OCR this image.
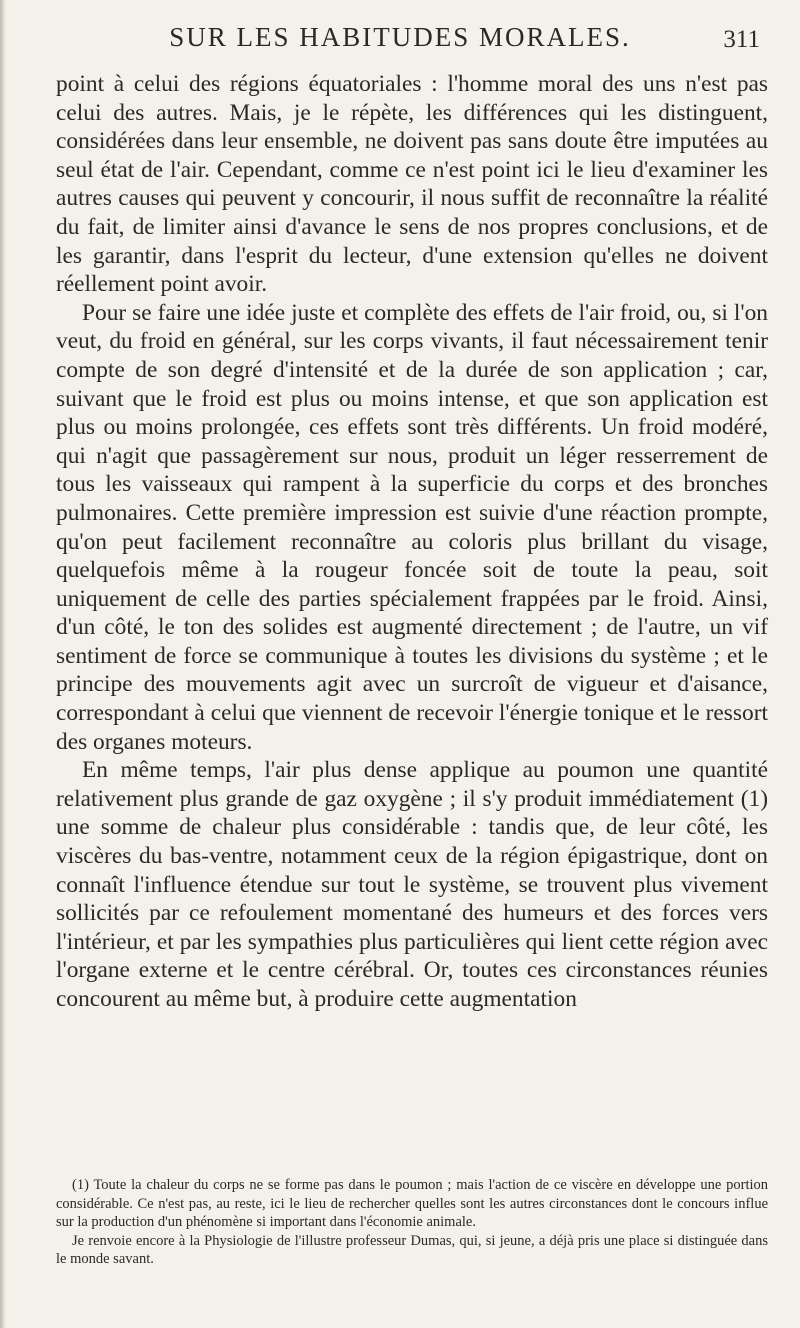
SUR LES HABITUDES MORALES.	311

point à celui des régions équatoriales : l'homme moral des uns n'est pas celui des autres. Mais, je le répète, les différences qui les distinguent, considérées dans leur ensemble, ne doivent pas sans doute être imputées au seul état de l'air. Cependant, comme ce n'est point ici le lieu d'examiner les autres causes qui peuvent y concourir, il nous suffit de reconnaître la réalité du fait, de limiter ainsi d'avance le sens de nos propres conclusions, et de les garantir, dans l'esprit du lecteur, d'une extension qu'elles ne doivent réellement point avoir.

Pour se faire une idée juste et complète des effets de l'air froid, ou, si l'on veut, du froid en général, sur les corps vivants, il faut nécessairement tenir compte de son degré d'intensité et de la durée de son application ; car, suivant que le froid est plus ou moins intense, et que son application est plus ou moins prolongée, ces effets sont très différents. Un froid modéré, qui n'agit que passagèrement sur nous, produit un léger resserrement de tous les vaisseaux qui rampent à la superficie du corps et des bronches pulmonaires. Cette première impression est suivie d'une réaction prompte, qu'on peut facilement reconnaître au coloris plus brillant du visage, quelquefois même à la rougeur foncée soit de toute la peau, soit uniquement de celle des parties spécialement frappées par le froid. Ainsi, d'un côté, le ton des solides est augmenté directement ; de l'autre, un vif sentiment de force se communique à toutes les divisions du système ; et le principe des mouvements agit avec un surcroît de vigueur et d'aisance, correspondant à celui que viennent de recevoir l'énergie tonique et le ressort des organes moteurs.

En même temps, l'air plus dense applique au poumon une quantité relativement plus grande de gaz oxygène ; il s'y produit immédiatement (1) une somme de chaleur plus considérable : tandis que, de leur côté, les viscères du bas-ventre, notamment ceux de la région épigastrique, dont on connaît l'influence étendue sur tout le système, se trouvent plus vivement sollicités par ce refoulement momentané des humeurs et des forces vers l'intérieur, et par les sympathies plus particulières qui lient cette région avec l'organe externe et le centre cérébral. Or, toutes ces circonstances réunies concourent au même but, à produire cette augmentation

(1) Toute la chaleur du corps ne se forme pas dans le poumon ; mais l'action de ce viscère en développe une portion considérable. Ce n'est pas, au reste, ici le lieu de rechercher quelles sont les autres circonstances dont le concours influe sur la production d'un phénomène si important dans l'économie animale.

Je renvoie encore à la Physiologie de l'illustre professeur Dumas, qui, si jeune, a déjà pris une place si distinguée dans le monde savant.
